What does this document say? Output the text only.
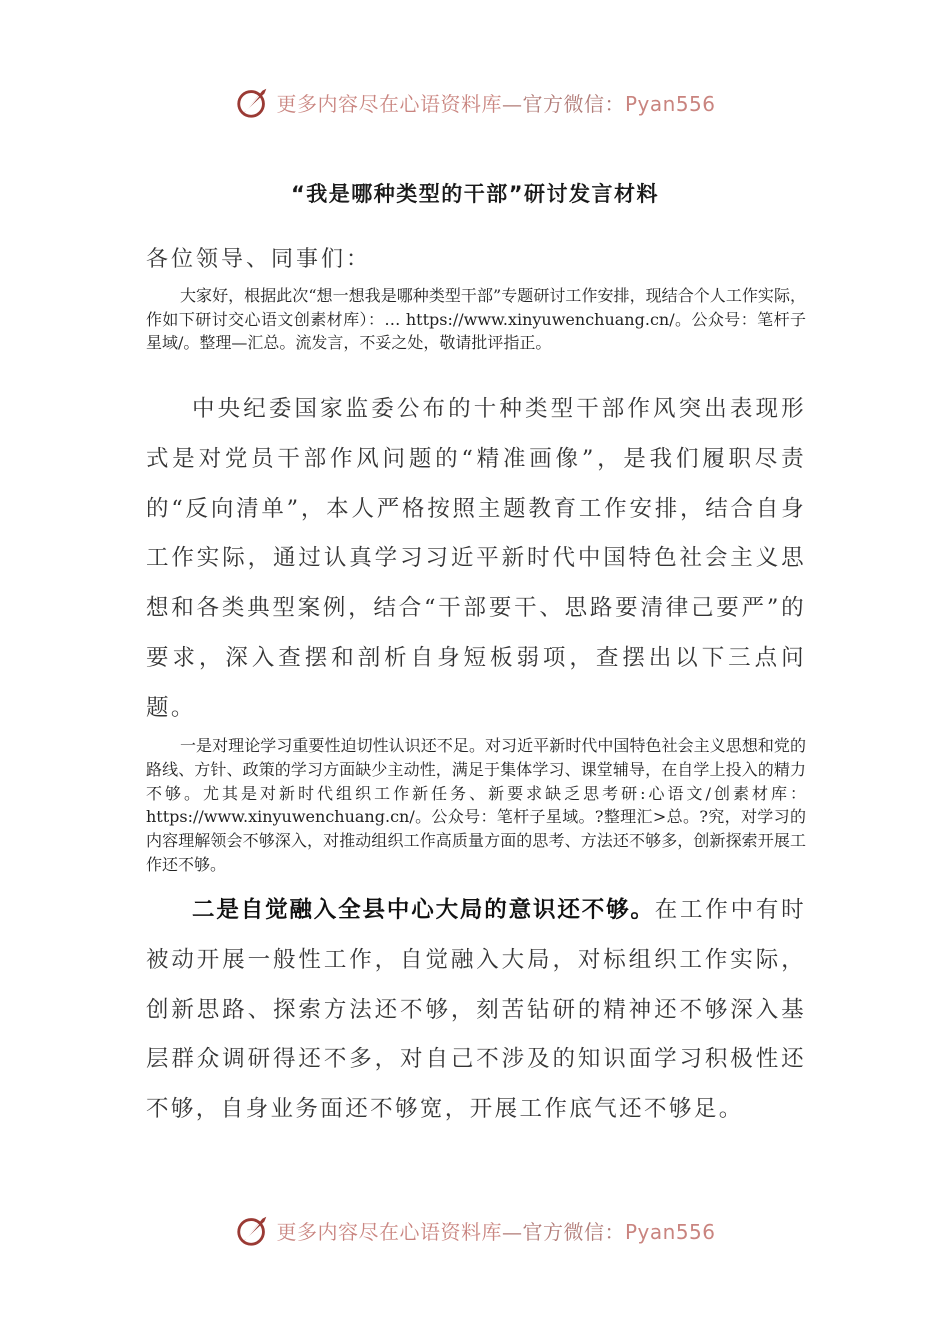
更多内容尽在心语资料库—官方微信：Pyan556
“我是哪种类型的干部”研讨发言材料
各位领导、同事们：

大家好，根据此次“想一想我是哪种类型干部”专题研讨工作安排，现结合个人工作实际，作如下研讨交心语文创素材库）：… https://www.xinyuwenchuang.cn/。公众号：笔杆子星域/。整理—汇总。流发言，不妥之处，敬请批评指正。

中央纪委国家监委公布的十种类型干部作风突出表现形式是对党员干部作风问题的“精准画像”，是我们履职尽责的“反向清单”，本人严格按照主题教育工作安排，结合自身工作实际，通过认真学习习近平新时代中国特色社会主义思想和各类典型案例，结合“干部要干、思路要清律己要严”的要求，深入查摆和剖析自身短板弱项，查摆出以下三点问题。

一是对理论学习重要性迫切性认识还不足。对习近平新时代中国特色社会主义思想和党的路线、方针、政策的学习方面缺少主动性，满足于集体学习、课堂辅导，在自学上投入的精力不够。尤其是对新时代组织工作新任务、新要求缺乏思考研:心语文/创素材库：https://www.xinyuwenchuang.cn/。公众号：笔杆子星域。?整理汇>总。?究，对学习的内容理解领会不够深入，对推动组织工作高质量方面的思考、方法还不够多，创新探索开展工作还不够。

二是自觉融入全县中心大局的意识还不够。在工作中有时被动开展一般性工作，自觉融入大局，对标组织工作实际，创新思路、探索方法还不够，刻苦钻研的精神还不够深入基层群众调研得还不多，对自己不涉及的知识面学习积极性还不够，自身业务面还不够宽，开展工作底气还不够足。

更多内容尽在心语资料库—官方微信：Pyan556
